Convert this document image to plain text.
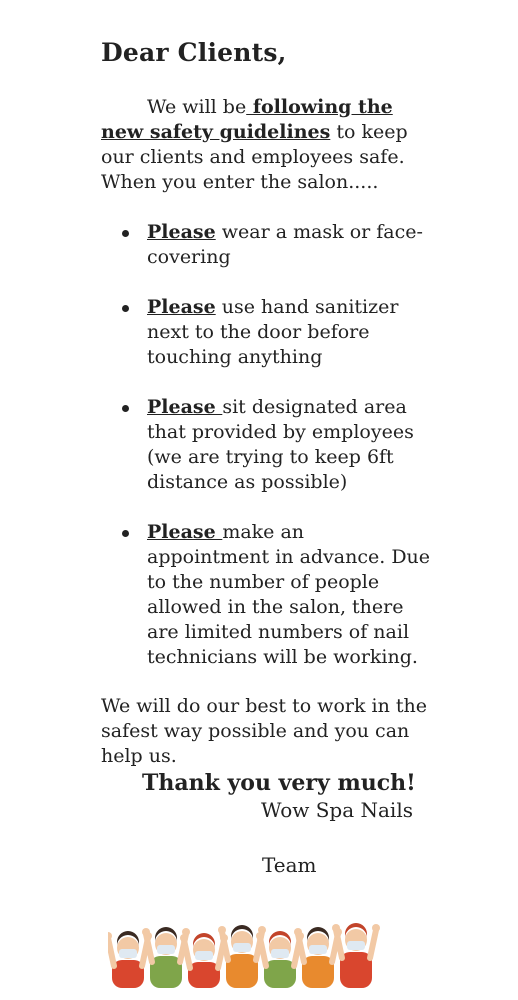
Dear Clients,

We will be following the new safety guidelines to keep our clients and employees safe. When you enter the salon.....

Please wear a mask or face-covering
Please use hand sanitizer next to the door before touching anything
Please sit designated area that provided by employees (we are trying to keep 6ft distance as possible)
Please make an appointment in advance. Due to the number of people allowed in the salon, there are limited numbers of nail technicians will be working.

We will do our best to work in the safest way possible and you can help us.

Thank you very much!

Wow Spa Nails

Team
